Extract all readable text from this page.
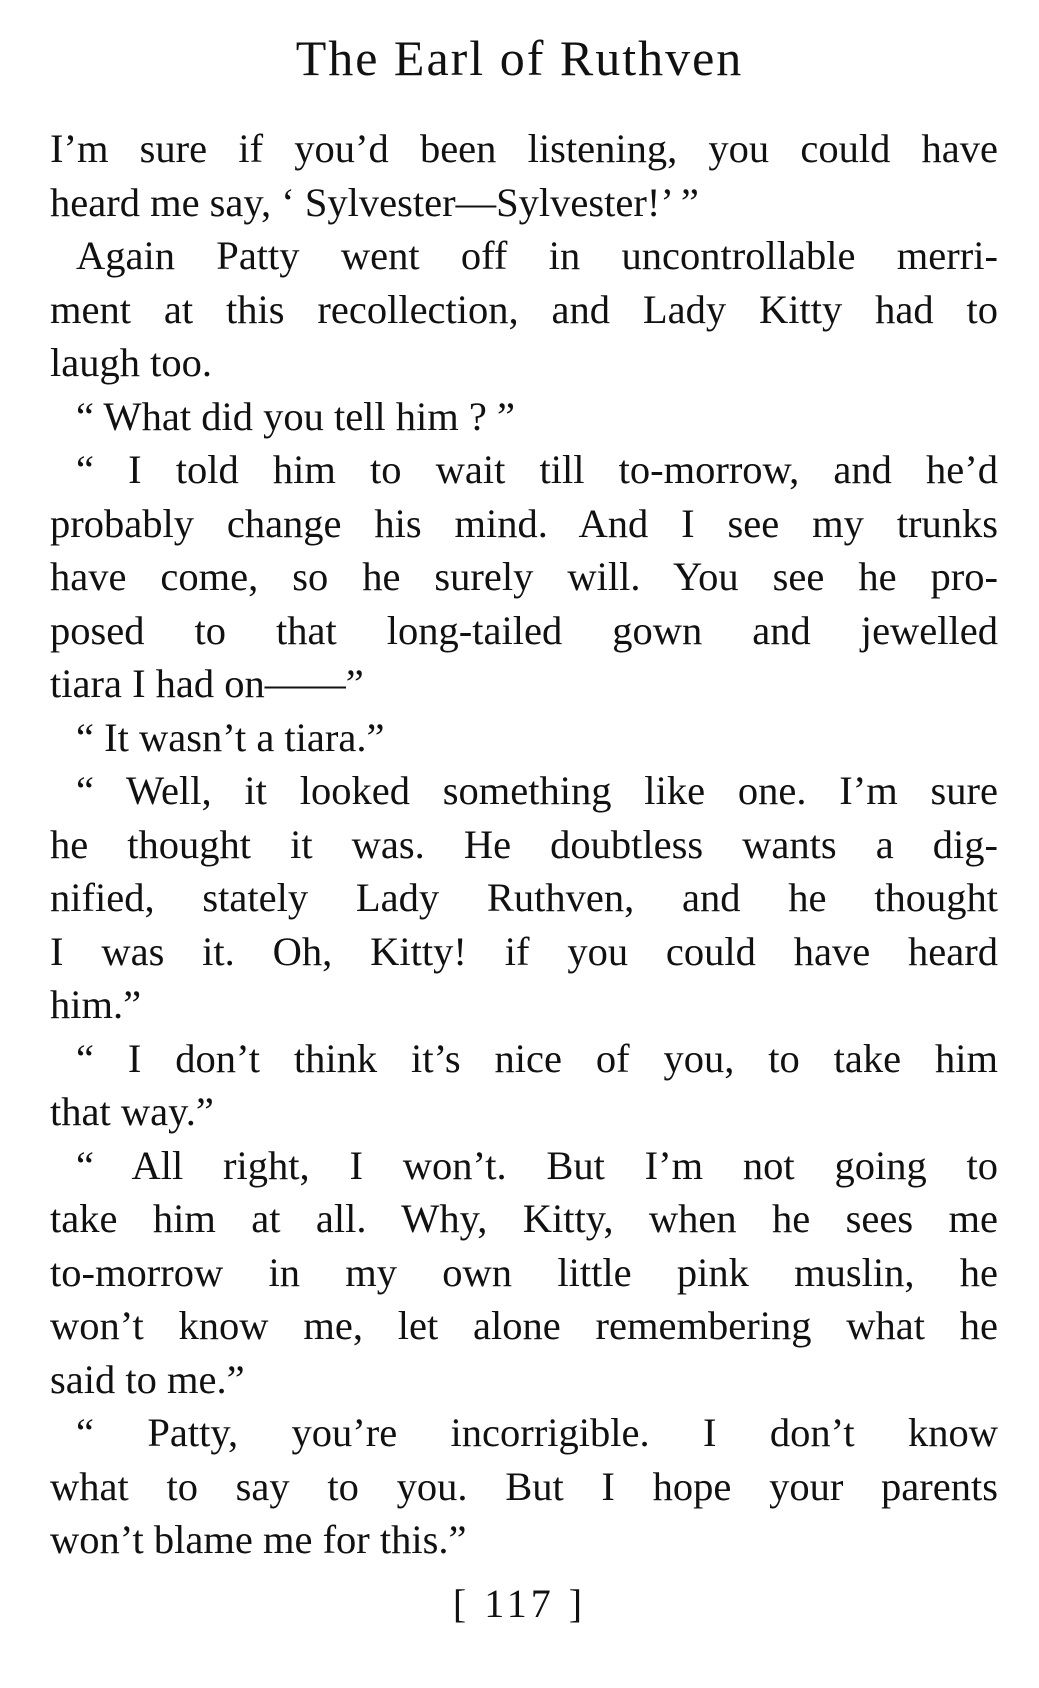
The Earl of Ruthven
I’m sure if you’d been listening, you could have
heard me say, ‘ Sylvester—Sylvester!’ ”
Again Patty went off in uncontrollable merri-
ment at this recollection, and Lady Kitty had to
laugh too.
“ What did you tell him ? ”
“ I told him to wait till to-morrow, and he’d
probably change his mind. And I see my trunks
have come, so he surely will. You see he pro-
posed to that long-tailed gown and jewelled
tiara I had on——”
“ It wasn’t a tiara.”
“ Well, it looked something like one. I’m sure
he thought it was. He doubtless wants a dig-
nified, stately Lady Ruthven, and he thought
I was it. Oh, Kitty! if you could have heard
him.”
“ I don’t think it’s nice of you, to take him
that way.”
“ All right, I won’t. But I’m not going to
take him at all. Why, Kitty, when he sees me
to-morrow in my own little pink muslin, he
won’t know me, let alone remembering what he
said to me.”
“ Patty, you’re incorrigible. I don’t know
what to say to you. But I hope your parents
won’t blame me for this.”
[ 117 ]
